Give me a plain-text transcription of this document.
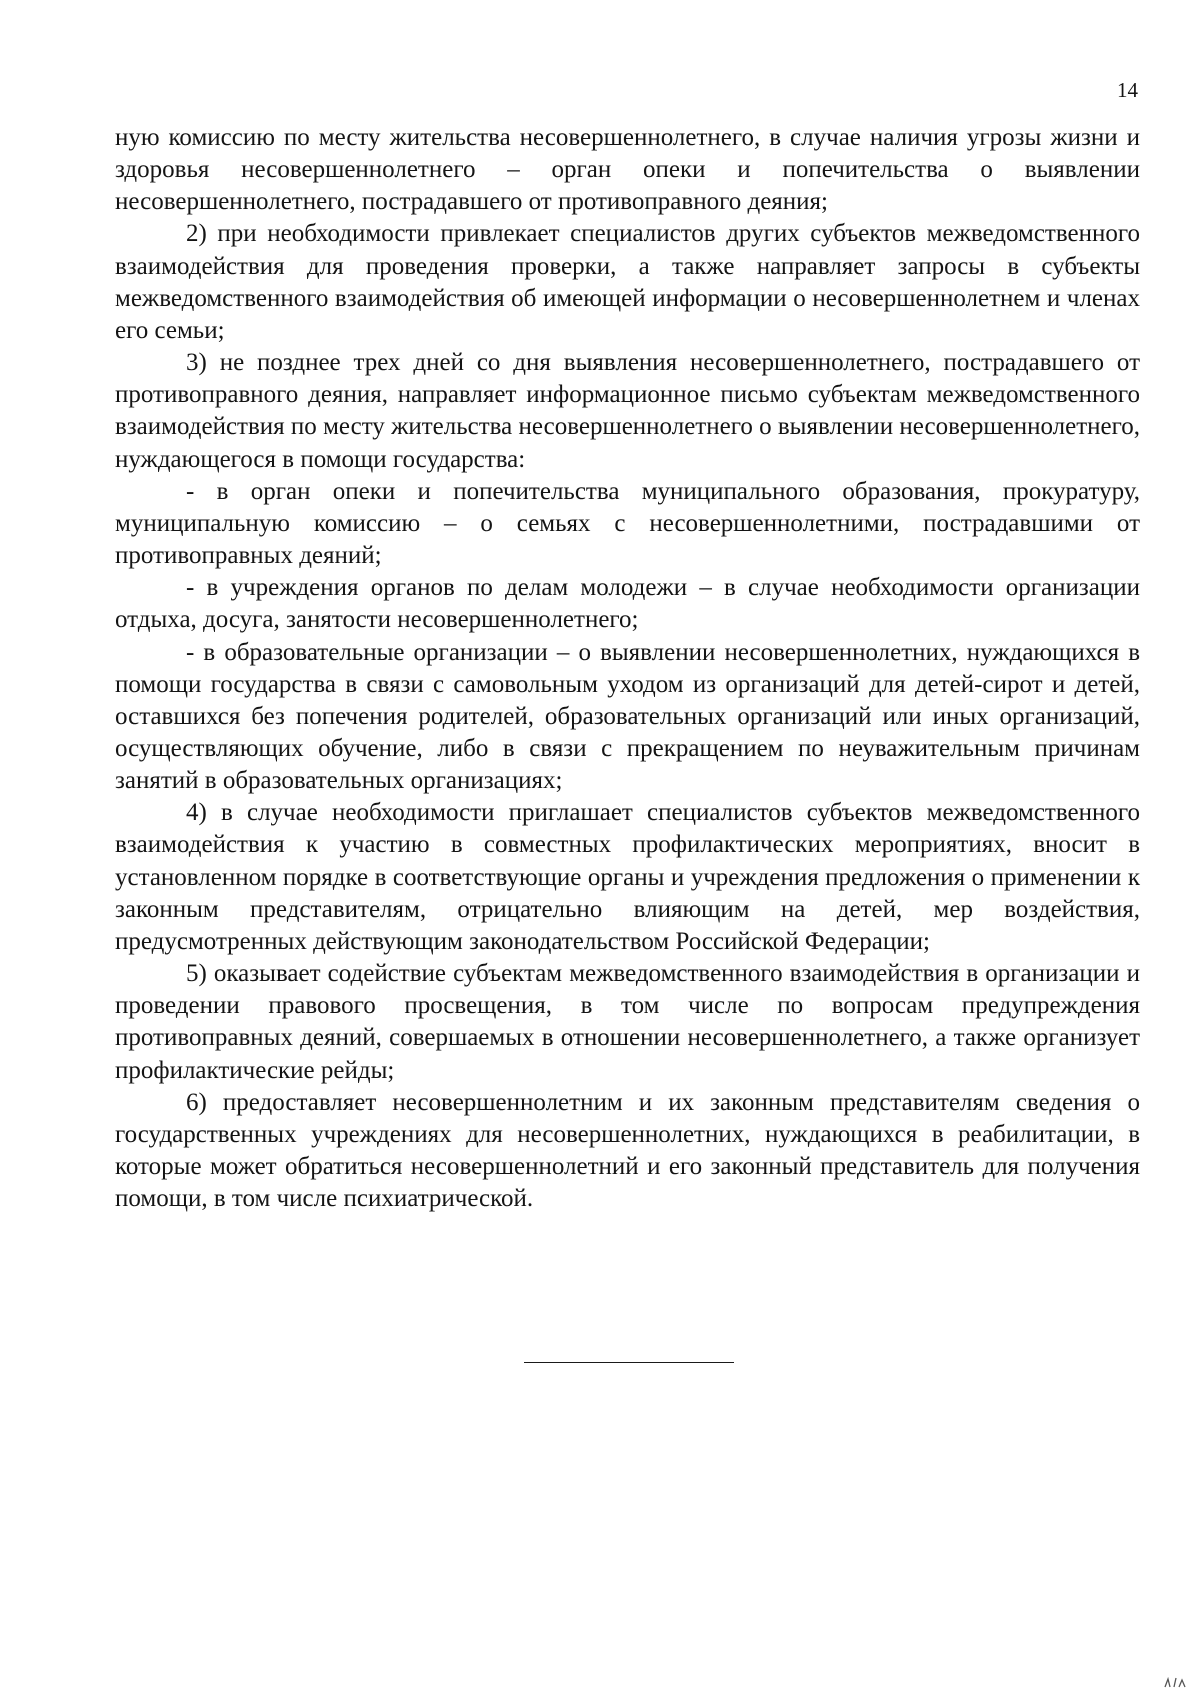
14

ную комиссию по месту жительства несовершеннолетнего, в случае наличия угрозы жизни и здоровья несовершеннолетнего – орган опеки и попечительства о выявлении несовершеннолетнего, пострадавшего от противоправного деяния;

2) при необходимости привлекает специалистов других субъектов межведомственного взаимодействия для проведения проверки, а также направляет запросы в субъекты межведомственного взаимодействия об имеющей информации о несовершеннолетнем и членах его семьи;

3) не позднее трех дней со дня выявления несовершеннолетнего, пострадавшего от противоправного деяния, направляет информационное письмо субъектам межведомственного взаимодействия по месту жительства несовершеннолетнего о выявлении несовершеннолетнего, нуждающегося в помощи государства:

- в орган опеки и попечительства муниципального образования, прокуратуру, муниципальную комиссию – о семьях с несовершеннолетними, пострадавшими от противоправных деяний;

- в учреждения органов по делам молодежи – в случае необходимости организации отдыха, досуга, занятости несовершеннолетнего;

- в образовательные организации – о выявлении несовершеннолетних, нуждающихся в помощи государства в связи с самовольным уходом из организаций для детей-сирот и детей, оставшихся без попечения родителей, образовательных организаций или иных организаций, осуществляющих обучение, либо в связи с прекращением по неуважительным причинам занятий в образовательных организациях;

4) в случае необходимости приглашает специалистов субъектов межведомственного взаимодействия к участию в совместных профилактических мероприятиях, вносит в установленном порядке в соответствующие органы и учреждения предложения о применении к законным представителям, отрицательно влияющим на детей, мер воздействия, предусмотренных действующим законодательством Российской Федерации;

5) оказывает содействие субъектам межведомственного взаимодействия в организации и проведении правового просвещения, в том числе по вопросам предупреждения противоправных деяний, совершаемых в отношении несовершеннолетнего, а также организует профилактические рейды;

6) предоставляет несовершеннолетним и их законным представителям сведения о государственных учреждениях для несовершеннолетних, нуждающихся в реабилитации, в которые может обратиться несовершеннолетний и его законный представитель для получения помощи, в том числе психиатрической.
